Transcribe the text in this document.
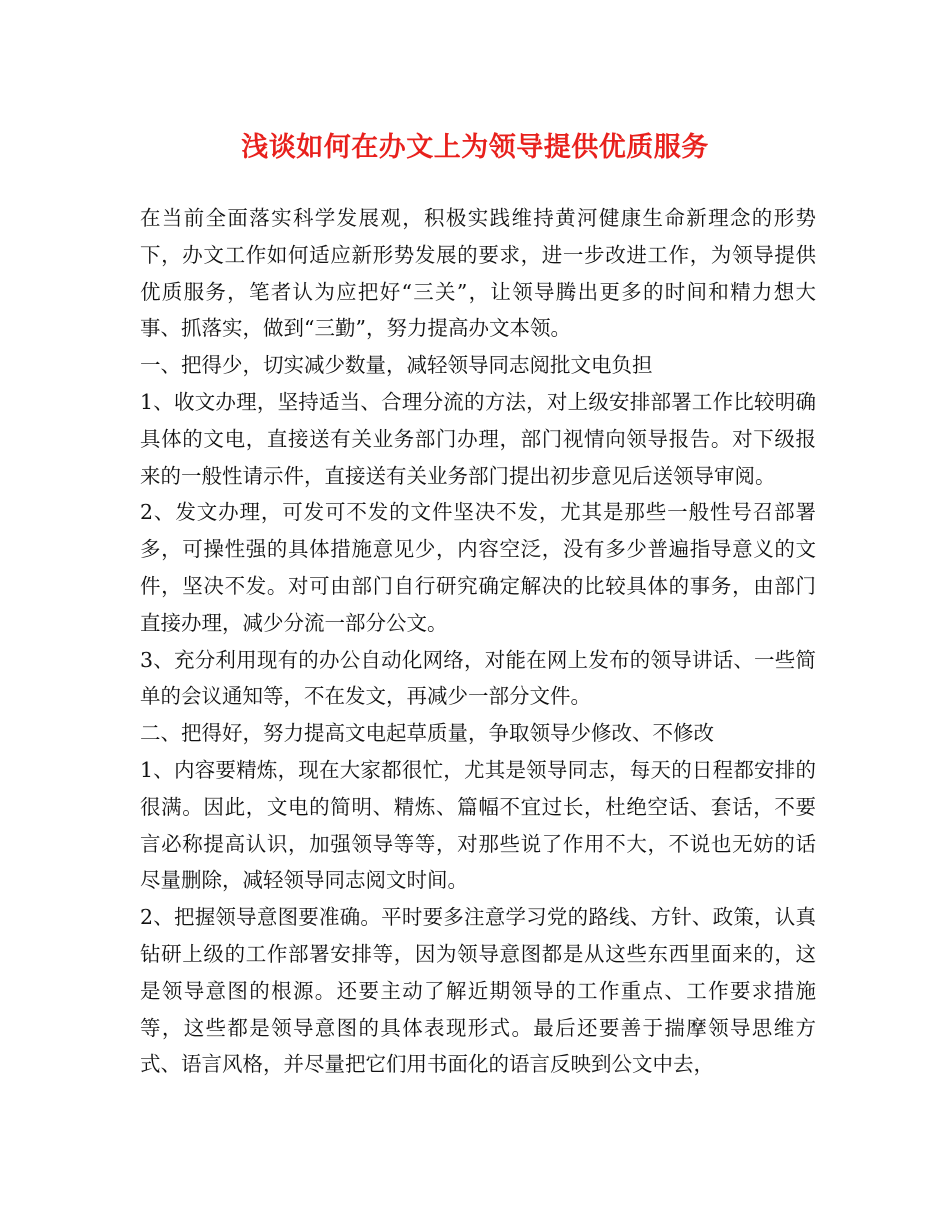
浅谈如何在办文上为领导提供优质服务

在当前全面落实科学发展观，积极实践维持黄河健康生命新理念的形势下，办文工作如何适应新形势发展的要求，进一步改进工作，为领导提供优质服务，笔者认为应把好“三关”，让领导腾出更多的时间和精力想大事、抓落实，做到“三勤”，努力提高办文本领。

一、把得少，切实减少数量，减轻领导同志阅批文电负担

1、收文办理，坚持适当、合理分流的方法，对上级安排部署工作比较明确具体的文电，直接送有关业务部门办理，部门视情向领导报告。对下级报来的一般性请示件，直接送有关业务部门提出初步意见后送领导审阅。

2、发文办理，可发可不发的文件坚决不发，尤其是那些一般性号召部署多，可操性强的具体措施意见少，内容空泛，没有多少普遍指导意义的文件，坚决不发。对可由部门自行研究确定解决的比较具体的事务，由部门直接办理，减少分流一部分公文。

3、充分利用现有的办公自动化网络，对能在网上发布的领导讲话、一些简单的会议通知等，不在发文，再减少一部分文件。

二、把得好，努力提高文电起草质量，争取领导少修改、不修改

1、内容要精炼，现在大家都很忙，尤其是领导同志，每天的日程都安排的很满。因此，文电的简明、精炼、篇幅不宜过长，杜绝空话、套话，不要言必称提高认识，加强领导等等，对那些说了作用不大，不说也无妨的话尽量删除，减轻领导同志阅文时间。

2、把握领导意图要准确。平时要多注意学习党的路线、方针、政策，认真钻研上级的工作部署安排等，因为领导意图都是从这些东西里面来的，这是领导意图的根源。还要主动了解近期领导的工作重点、工作要求措施等，这些都是领导意图的具体表现形式。最后还要善于揣摩领导思维方式、语言风格，并尽量把它们用书面化的语言反映到公文中去，
